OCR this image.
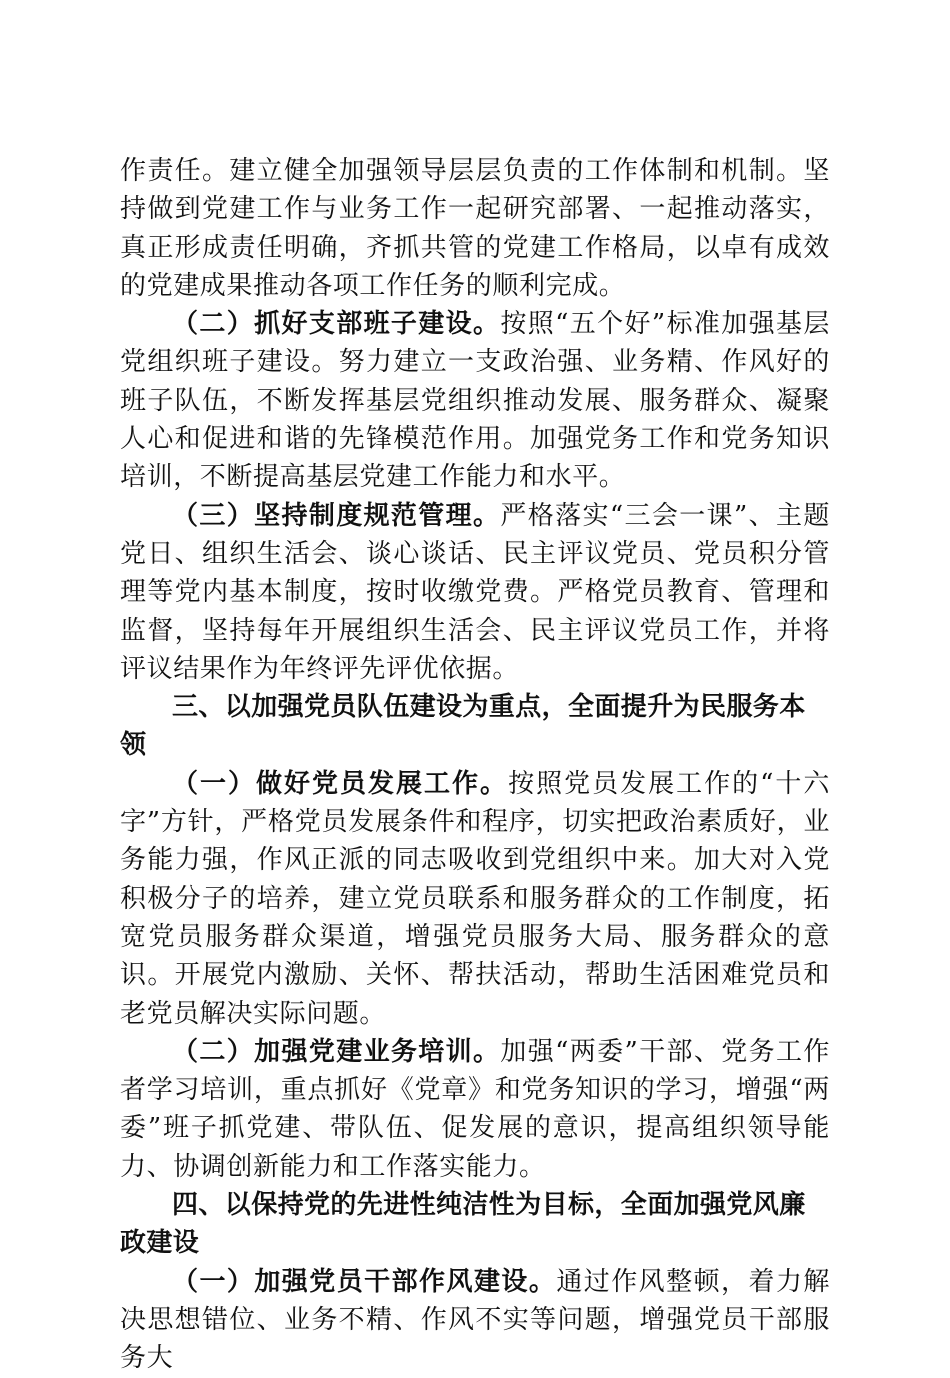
作责任。建立健全加强领导层层负责的工作体制和机制。坚持做到党建工作与业务工作一起研究部署、一起推动落实，真正形成责任明确，齐抓共管的党建工作格局，以卓有成效的党建成果推动各项工作任务的顺利完成。

（二）抓好支部班子建设。按照“五个好”标准加强基层党组织班子建设。努力建立一支政治强、业务精、作风好的班子队伍，不断发挥基层党组织推动发展、服务群众、凝聚人心和促进和谐的先锋模范作用。加强党务工作和党务知识培训，不断提高基层党建工作能力和水平。

（三）坚持制度规范管理。严格落实“三会一课”、主题党日、组织生活会、谈心谈话、民主评议党员、党员积分管理等党内基本制度，按时收缴党费。严格党员教育、管理和监督，坚持每年开展组织生活会、民主评议党员工作，并将评议结果作为年终评先评优依据。

三、以加强党员队伍建设为重点，全面提升为民服务本领

（一）做好党员发展工作。按照党员发展工作的“十六字”方针，严格党员发展条件和程序，切实把政治素质好，业务能力强，作风正派的同志吸收到党组织中来。加大对入党积极分子的培养，建立党员联系和服务群众的工作制度，拓宽党员服务群众渠道，增强党员服务大局、服务群众的意识。开展党内激励、关怀、帮扶活动，帮助生活困难党员和老党员解决实际问题。

（二）加强党建业务培训。加强“两委”干部、党务工作者学习培训，重点抓好《党章》和党务知识的学习，增强“两委”班子抓党建、带队伍、促发展的意识，提高组织领导能力、协调创新能力和工作落实能力。

四、以保持党的先进性纯洁性为目标，全面加强党风廉政建设

（一）加强党员干部作风建设。通过作风整顿，着力解决思想错位、业务不精、作风不实等问题，增强党员干部服务大
